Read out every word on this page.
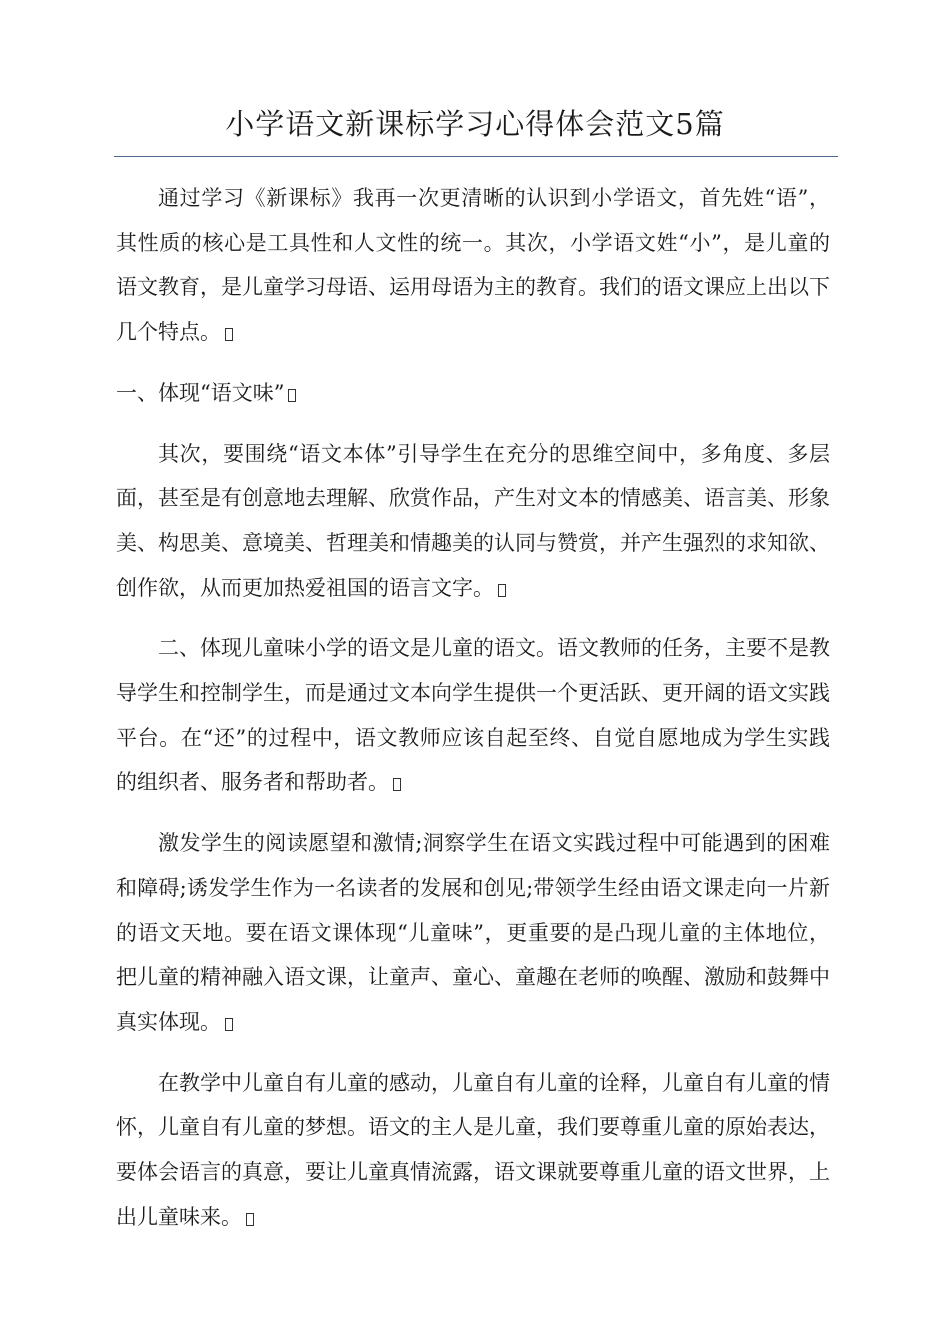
小学语文新课标学习心得体会范文5篇

通过学习《新课标》我再一次更清晰的认识到小学语文，首先姓“语”，其性质的核心是工具性和人文性的统一。其次，小学语文姓“小”，是儿童的语文教育，是儿童学习母语、运用母语为主的教育。我们的语文课应上出以下几个特点。

一、体现“语文味”

其次，要围绕“语文本体”引导学生在充分的思维空间中，多角度、多层面，甚至是有创意地去理解、欣赏作品，产生对文本的情感美、语言美、形象美、构思美、意境美、哲理美和情趣美的认同与赞赏，并产生强烈的求知欲、创作欲，从而更加热爱祖国的语言文字。

二、体现儿童味小学的语文是儿童的语文。语文教师的任务，主要不是教导学生和控制学生，而是通过文本向学生提供一个更活跃、更开阔的语文实践平台。在“还”的过程中，语文教师应该自起至终、自觉自愿地成为学生实践的组织者、服务者和帮助者。

激发学生的阅读愿望和激情;洞察学生在语文实践过程中可能遇到的困难和障碍;诱发学生作为一名读者的发展和创见;带领学生经由语文课走向一片新的语文天地。要在语文课体现“儿童味”，更重要的是凸现儿童的主体地位，把儿童的精神融入语文课，让童声、童心、童趣在老师的唤醒、激励和鼓舞中真实体现。

在教学中儿童自有儿童的感动，儿童自有儿童的诠释，儿童自有儿童的情怀，儿童自有儿童的梦想。语文的主人是儿童，我们要尊重儿童的原始表达，要体会语言的真意，要让儿童真情流露，语文课就要尊重儿童的语文世界，上出儿童味来。
